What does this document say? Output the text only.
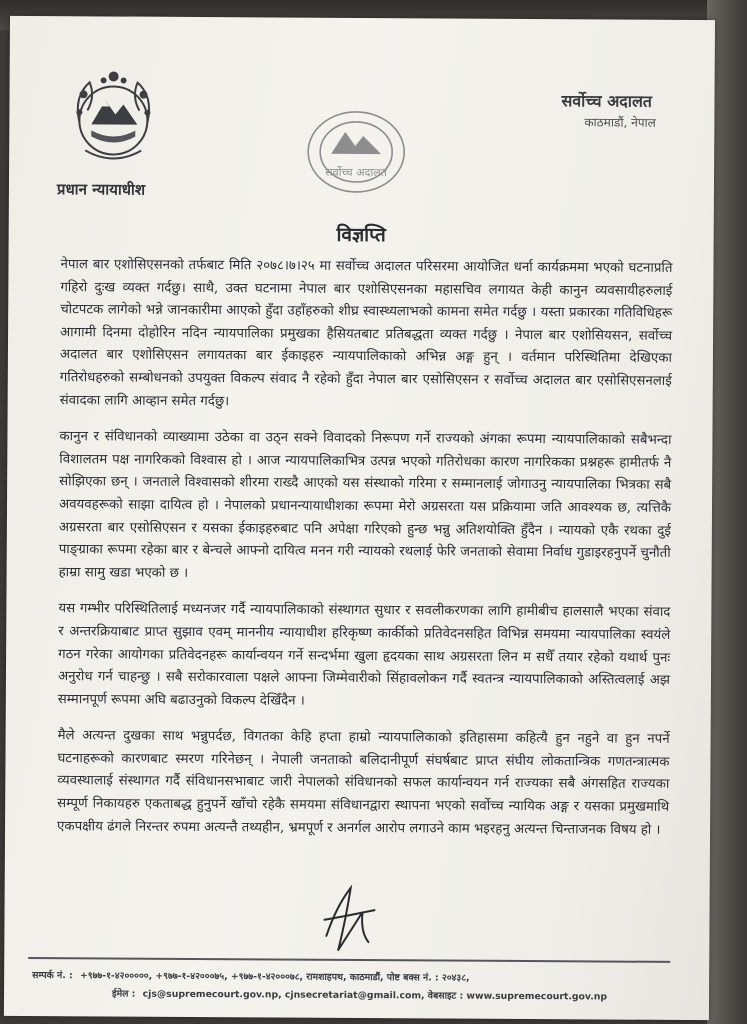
प्रधान न्यायाधीश
सर्वोच्च अदालत
सर्वोच्च अदालत
काठमाडौं, नेपाल
विज्ञप्ति

नेपाल बार एशोसिएसनको तर्फबाट मिति २०७८।७।२५ मा सर्वोच्च अदालत परिसरमा आयोजित धर्ना कार्यक्रममा भएको घटनाप्रति गहिरो दुःख व्यक्त गर्दछु। साथै, उक्त घटनामा नेपाल बार एशोसिएसनका महासचिव लगायत केही कानुन व्यवसायीहरुलाई चोटपटक लागेको भन्ने जानकारीमा आएको हुँदा उहाँहरुको शीघ्र स्वास्थ्यलाभको कामना समेत गर्दछु । यस्ता प्रकारका गतिविधिहरू आगामी दिनमा दोहोरिन नदिन न्यायपालिका प्रमुखका हैसियतबाट प्रतिबद्धता व्यक्त गर्दछु । नेपाल बार एशोसियसन, सर्वोच्च अदालत बार एशोसिएसन लगायतका बार ईकाइहरु न्यायपालिकाको अभिन्न अङ्ग हुन् । वर्तमान परिस्थितिमा देखिएका गतिरोधहरुको सम्बोधनको उपयुक्त विकल्प संवाद नै रहेको हुँदा नेपाल बार एसोसिएसन र सर्वोच्च अदालत बार एसोसिएसनलाई संवादका लागि आव्हान समेत गर्दछु।

कानुन र संविधानको व्याख्यामा उठेका वा उठ्न सक्ने विवादको निरूपण गर्ने राज्यको अंगका रूपमा न्यायपालिकाको सबैभन्दा विशालतम पक्ष नागरिकको विश्वास हो । आज न्यायपालिकाभित्र उत्पन्न भएको गतिरोधका कारण नागरिकका प्रश्नहरू हामीतर्फ नै सोझिएका छन् । जनताले विश्वासको शीरमा राख्दै आएको यस संस्थाको गरिमा र सम्मानलाई जोगाउनु न्यायपालिका भित्रका सबै अवयवहरूको साझा दायित्व हो । नेपालको प्रधानन्यायाधीशका रूपमा मेरो अग्रसरता यस प्रक्रियामा जति आवश्यक छ, त्यत्तिकै अग्रसरता बार एसोसिएसन र यसका ईकाइहरुबाट पनि अपेक्षा गरिएको हुन्छ भन्नु अतिशयोक्ति हुँदैन । न्यायको एकै रथका दुई पाङ्ग्राका रूपमा रहेका बार र बेन्चले आफ्नो दायित्व मनन गरी न्यायको रथलाई फेरि जनताको सेवामा निर्वाध गुडाइरहनुपर्ने चुनौती हाम्रा सामु खडा भएको छ ।

यस गम्भीर परिस्थितिलाई मध्यनजर गर्दै न्यायपालिकाको संस्थागत सुधार र सवलीकरणका लागि हामीबीच हालसालै भएका संवाद र अन्तरक्रियाबाट प्राप्त सुझाव एवम् माननीय न्यायाधीश हरिकृष्ण कार्कीको प्रतिवेदनसहित विभिन्न समयमा न्यायपालिका स्वयंले गठन गरेका आयोगका प्रतिवेदनहरू कार्यान्वयन गर्ने सन्दर्भमा खुला हृदयका साथ अग्रसरता लिन म सधैँ तयार रहेको यथार्थ पुनः अनुरोध गर्न चाहन्छु । सबै सरोकारवाला पक्षले आफ्ना जिम्मेवारीको सिंहावलोकन गर्दै स्वतन्त्र न्यायपालिकाको अस्तित्वलाई अझ सम्मानपूर्ण रूपमा अघि बढाउनुको विकल्प देखिँदैन ।

मैले अत्यन्त दुखका साथ भन्नुपर्दछ, विगतका केहि हप्ता हाम्रो न्यायपालिकाको इतिहासमा कहित्यै हुन नहुने वा हुन नपर्ने घटनाहरूको कारणबाट स्मरण गरिनेछन् । नेपाली जनताको बलिदानीपूर्ण संघर्षबाट प्राप्त संघीय लोकतान्त्रिक गणतन्त्रात्मक व्यवस्थालाई संस्थागत गर्दै संविधानसभाबाट जारी नेपालको संविधानको सफल कार्यान्वयन गर्न राज्यका सबै अंगसहित राज्यका सम्पूर्ण निकायहरु एकताबद्ध हुनुपर्ने खाँचो रहेकै समयमा संविधानद्वारा स्थापना भएको सर्वोच्च न्यायिक अङ्ग र यसका प्रमुखमाथि एकपक्षीय ढंगले निरन्तर रुपमा अत्यन्तै तथ्यहीन, भ्रमपूर्ण र अनर्गल आरोप लगाउने काम भइरहनु अत्यन्त चिन्ताजनक विषय हो ।

सम्पर्क नं. : +९७७-१-४२०००००, +९७७-१-४२०००७५, +९७७-१-४२०००७८, रामशाहपथ, काठमाडौं, पोष्ट बक्स नं. : २०४३८,
ईमेल : cjs@supremecourt.gov.np, cjnsecretariat@gmail.com, वेबसाइट : www.supremecourt.gov.np
